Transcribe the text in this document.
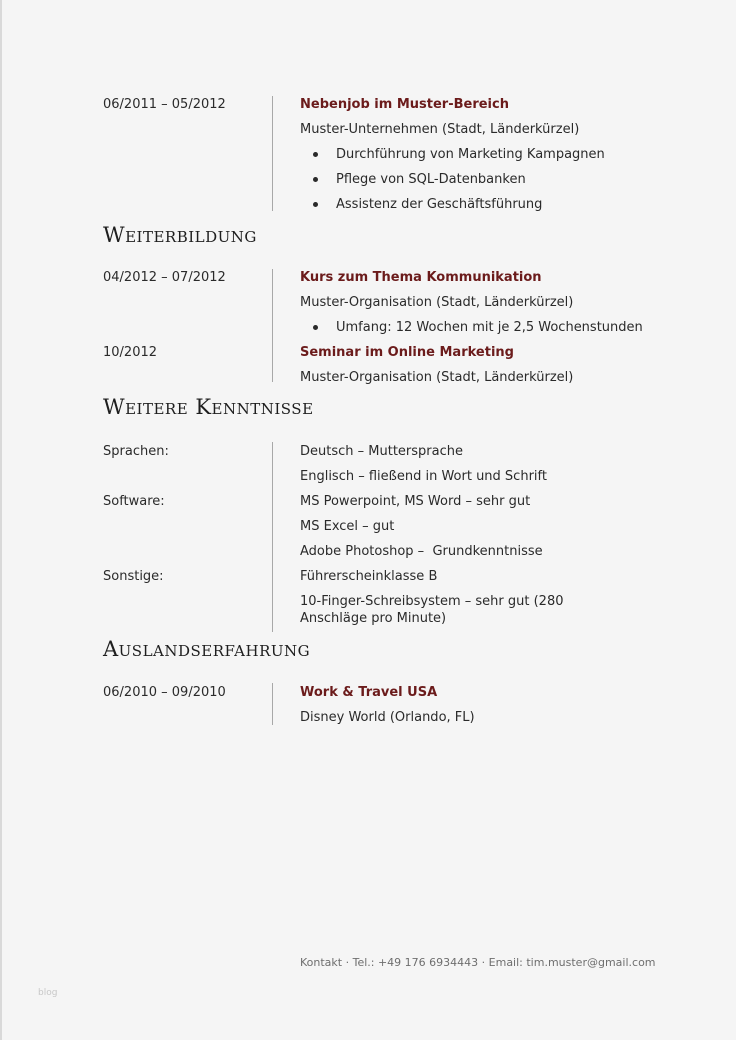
06/2011 – 05/2012	Nebenjob im Muster-Bereich
Muster-Unternehmen (Stadt, Länderkürzel)
Durchführung von Marketing Kampagnen
Pflege von SQL-Datenbanken
Assistenz der Geschäftsführung
Weiterbildung
04/2012 – 07/2012	Kurs zum Thema Kommunikation
Muster-Organisation (Stadt, Länderkürzel)
Umfang: 12 Wochen mit je 2,5 Wochenstunden
10/2012	Seminar im Online Marketing
Muster-Organisation (Stadt, Länderkürzel)
Weitere Kenntnisse
Sprachen:	Deutsch – Muttersprache
Englisch – fließend in Wort und Schrift
Software:	MS Powerpoint, MS Word – sehr gut
MS Excel – gut
Adobe Photoshop –  Grundkenntnisse
Sonstige:	Führerscheinklasse B
10-Finger-Schreibsystem – sehr gut (280 Anschläge pro Minute)
Auslandserfahrung
06/2010 – 09/2010	Work & Travel USA
Disney World (Orlando, FL)
Kontakt · Tel.: +49 176 6934443 · Email: tim.muster@gmail.com
blog
